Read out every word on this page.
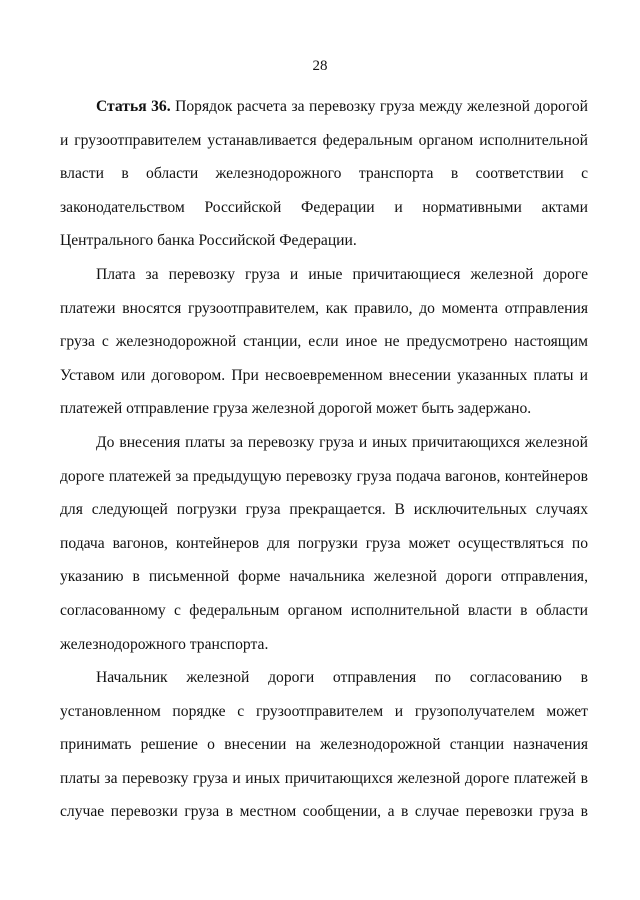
28

Статья 36. Порядок расчета за перевозку груза между железной дорогой и грузоотправителем устанавливается федеральным органом исполнительной власти в области железнодорожного транспорта в соответствии с законодательством Российской Федерации и нормативными актами Центрального банка Российской Федерации.

Плата за перевозку груза и иные причитающиеся железной дороге платежи вносятся грузоотправителем, как правило, до момента отправления груза с железнодорожной станции, если иное не предусмотрено настоящим Уставом или договором. При несвоевременном внесении указанных платы и платежей отправление груза железной дорогой может быть задержано.

До внесения платы за перевозку груза и иных причитающихся железной дороге платежей за предыдущую перевозку груза подача вагонов, контейнеров для следующей погрузки груза прекращается. В исключительных случаях подача вагонов, контейнеров для погрузки груза может осуществляться по указанию в письменной форме начальника железной дороги отправления, согласованному с федеральным органом исполнительной власти в области железнодорожного транспорта.

Начальник железной дороги отправления по согласованию в установленном порядке с грузоотправителем и грузополучателем может принимать решение о внесении на железнодорожной станции назначения платы за перевозку груза и иных причитающихся железной дороге платежей в случае перевозки груза в местном сообщении, а в случае перевозки груза в
